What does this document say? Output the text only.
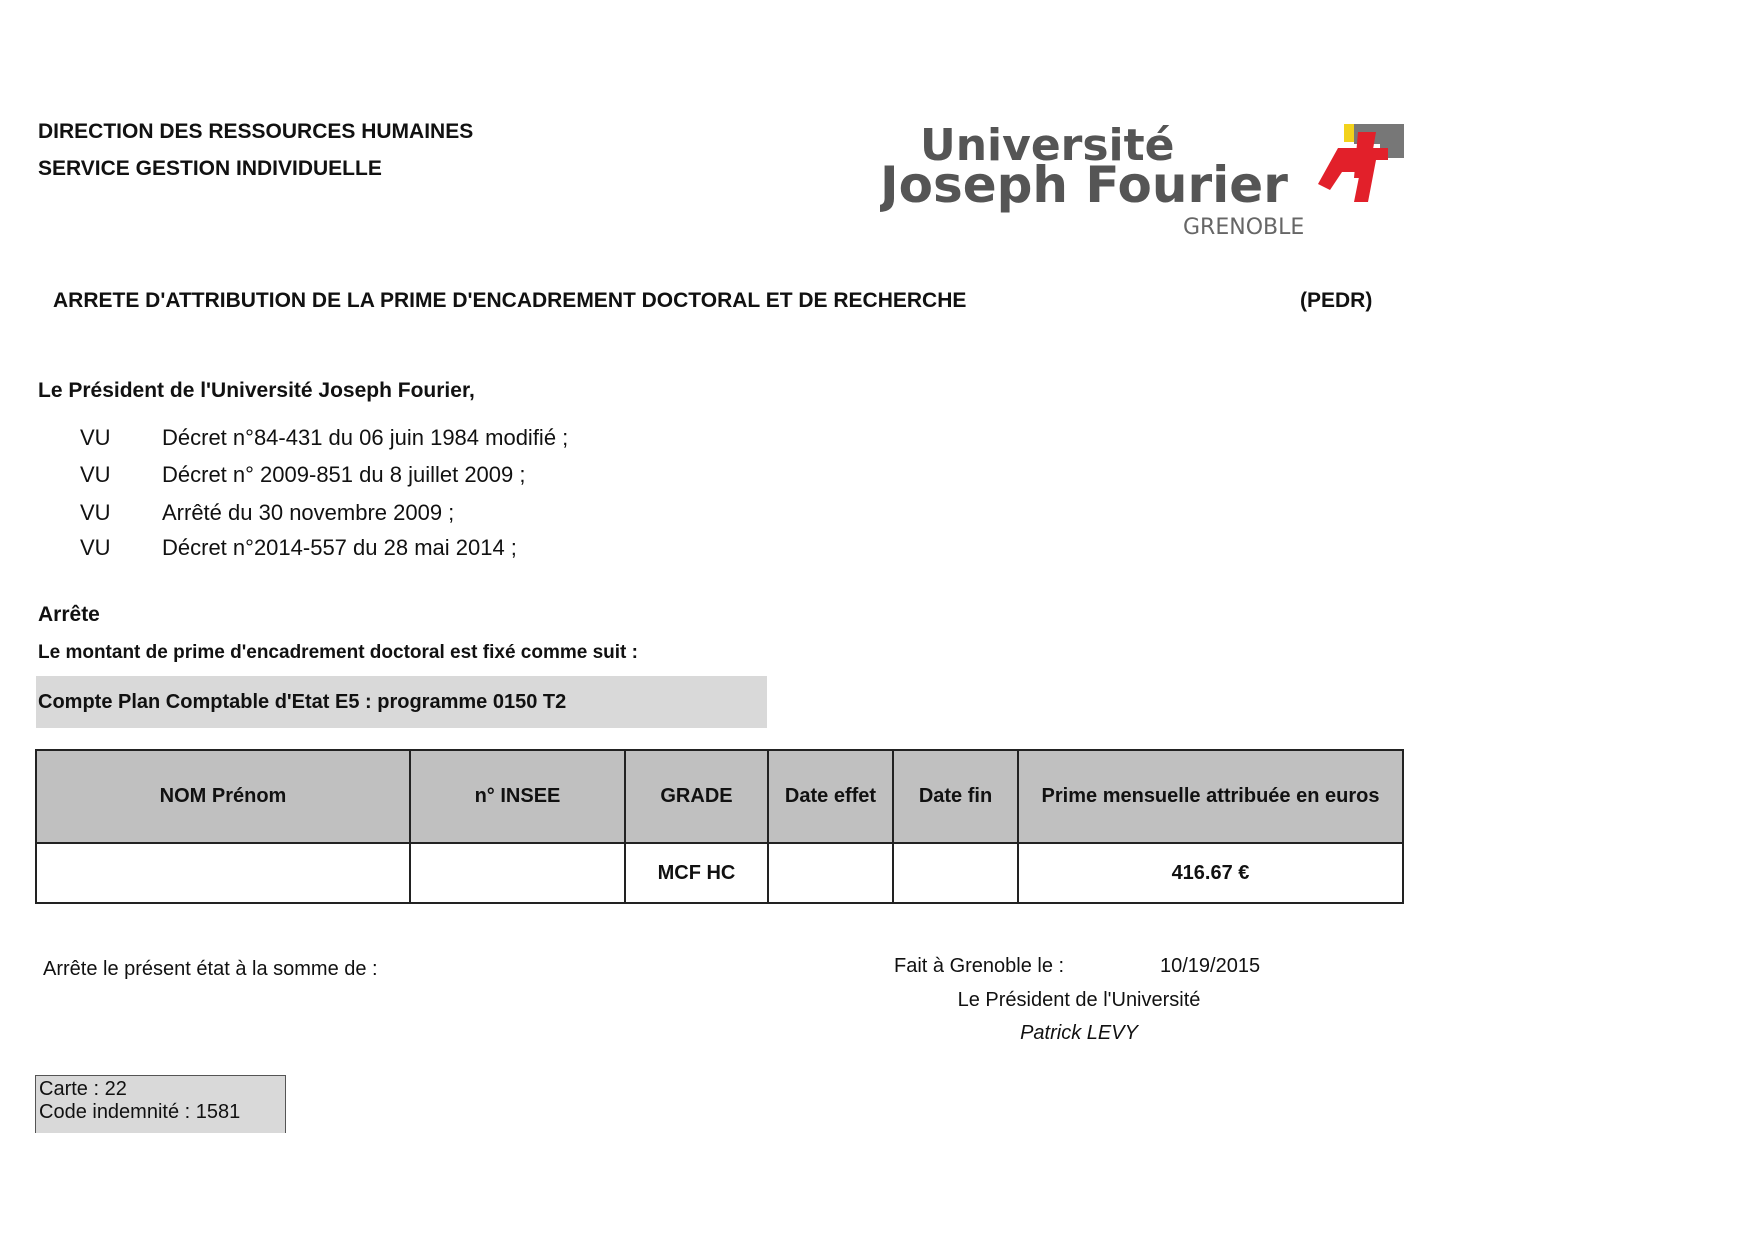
DIRECTION DES RESSOURCES HUMAINES
SERVICE GESTION INDIVIDUELLE	Université
Joseph Fourier
GRENOBLE
ARRETE D'ATTRIBUTION DE LA PRIME D'ENCADREMENT DOCTORAL ET DE RECHERCHE	(PEDR)
Le Président de l'Université Joseph Fourier,
VU Décret n°84-431 du 06 juin 1984 modifié ;
VU Décret n° 2009-851 du 8 juillet 2009 ;
VU Arrêté du 30 novembre 2009 ;
VU Décret n°2014-557 du 28 mai 2014 ;
Arrête
Le montant de prime d'encadrement doctoral est fixé comme suit :
Compte Plan Comptable d'Etat E5 : programme 0150 T2
NOM Prénom	n° INSEE	GRADE	Date effet	Date fin	Prime mensuelle attribuée en euros
		MCF HC			416.67 €
Arrête le présent état à la somme de :	Fait à Grenoble le :	10/19/2015
Le Président de l'Université
Patrick LEVY
Carte : 22
Code indemnité : 1581
